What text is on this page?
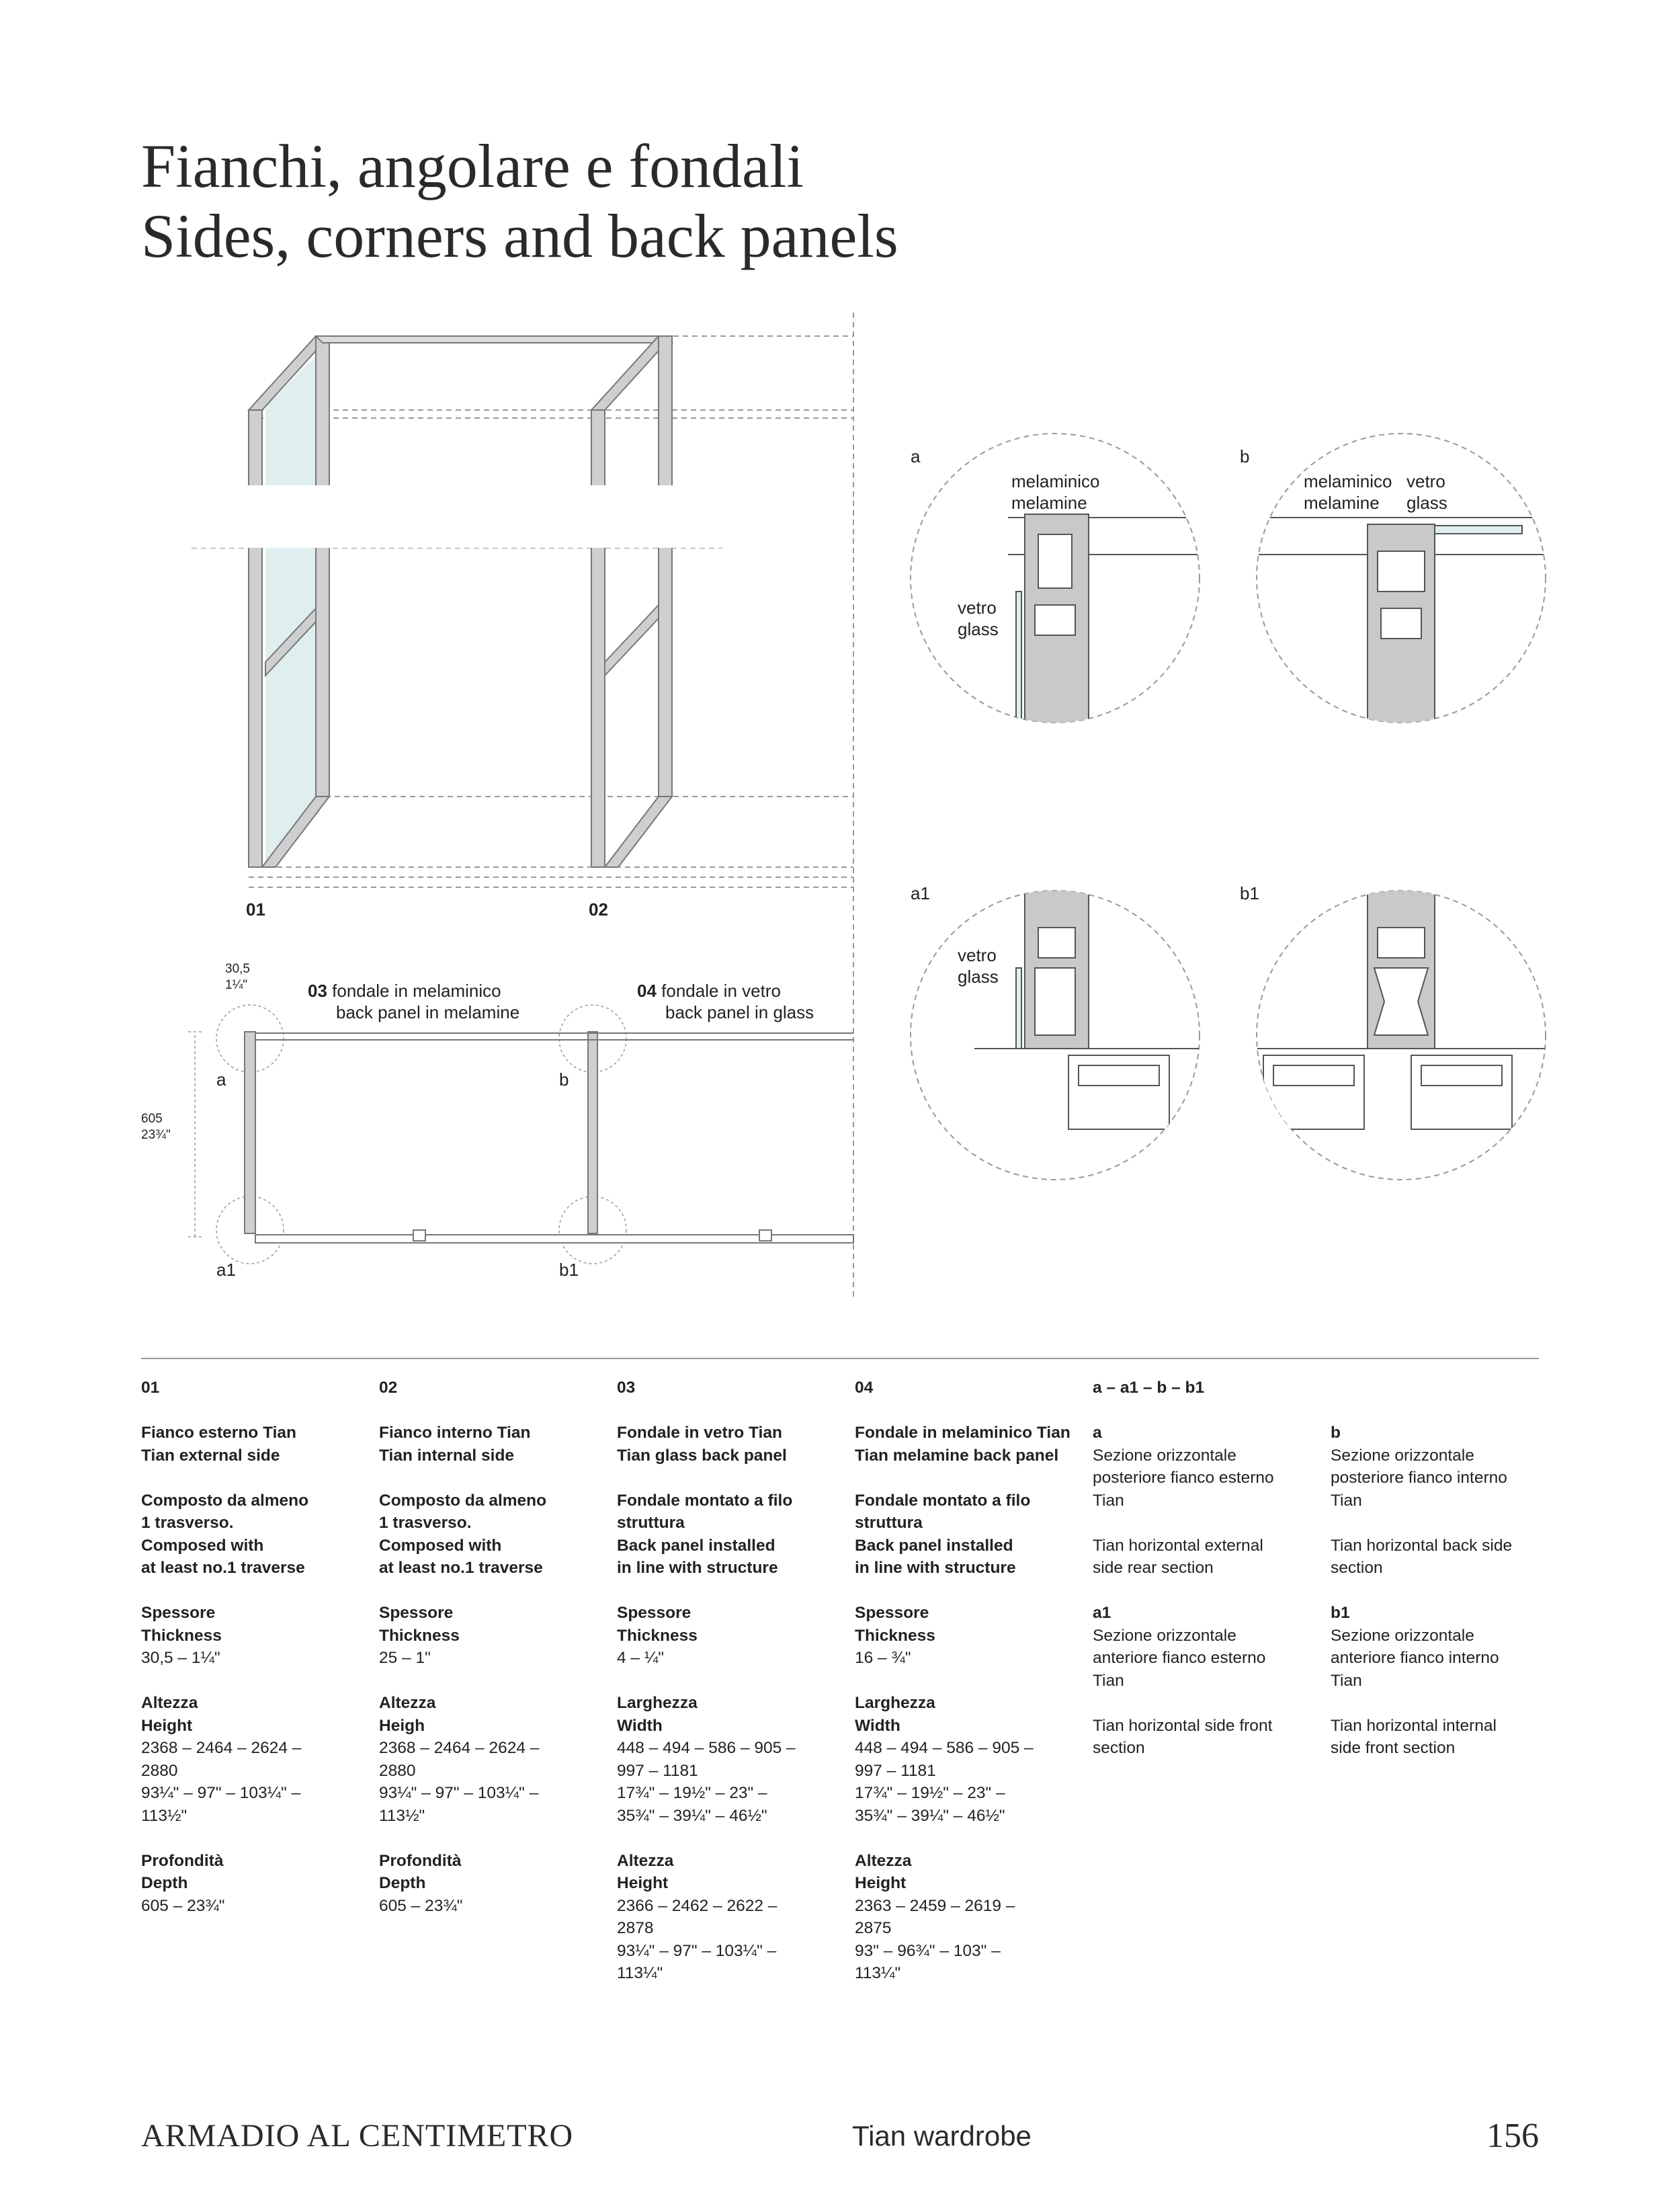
Fianchi, angolare e fondali
Sides, corners and back panels
01	02
30,5
1¼"
605
23¾"
03 fondale in melaminico
back panel in melamine
04 fondale in vetro
back panel in glass
a	b
a1	b1
a	b
a1	b1
melaminico
melamine
vetro
glass
melaminico
melamine
vetro
glass
vetro
glass
01
Fianco esterno Tian
Tian external side
Composto da almeno
1 trasverso.
Composed with
at least no.1 traverse
Spessore
Thickness
30,5 – 1¼"
Altezza
Height
2368 – 2464 – 2624 –
2880
93¼" – 97" – 103¼" –
113½"
Profondità
Depth
605 – 23¾"
02
Fianco interno Tian
Tian internal side
Composto da almeno
1 trasverso.
Composed with
at least no.1 traverse
Spessore
Thickness
25 – 1"
Altezza
Heigh
2368 – 2464 – 2624 –
2880
93¼" – 97" – 103¼" –
113½"
Profondità
Depth
605 – 23¾"
03
Fondale in vetro Tian
Tian glass back panel
Fondale montato a filo
struttura
Back panel installed
in line with structure
Spessore
Thickness
4 – ¼"
Larghezza
Width
448 – 494 – 586 – 905 –
997 – 1181
17¾" – 19½" – 23" –
35¾" – 39¼" – 46½"
Altezza
Height
2366 – 2462 – 2622 –
2878
93¼" – 97" – 103¼" –
113¼"
04
Fondale in melaminico Tian
Tian melamine back panel
Fondale montato a filo
struttura
Back panel installed
in line with structure
Spessore
Thickness
16 – ¾"
Larghezza
Width
448 – 494 – 586 – 905 –
997 – 1181
17¾" – 19½" – 23" –
35¾" – 39¼" – 46½"
Altezza
Height
2363 – 2459 – 2619 –
2875
93" – 96¾" – 103" –
113¼"
a – a1 – b – b1
a
Sezione orizzontale
posteriore fianco esterno
Tian
Tian horizontal external
side rear section
a1
Sezione orizzontale
anteriore fianco esterno
Tian
Tian horizontal side front
section
b
Sezione orizzontale
posteriore fianco interno
Tian
Tian horizontal back side
section
b1
Sezione orizzontale
anteriore fianco interno
Tian
Tian horizontal internal
side front section
ARMADIO AL CENTIMETRO	Tian wardrobe	156
